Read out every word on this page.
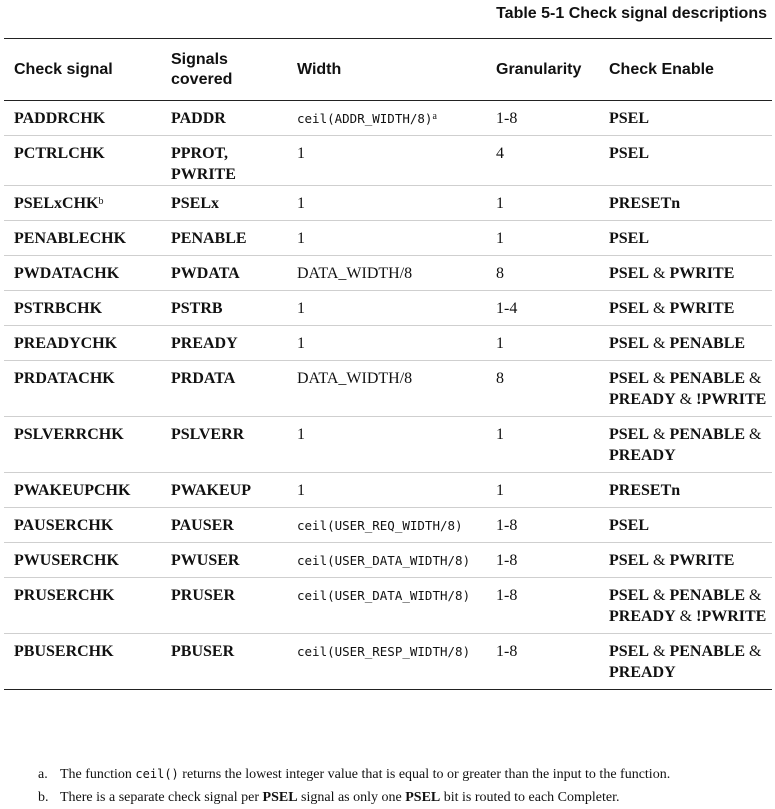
Table 5-1 Check signal descriptions
Check signal	Signals covered	Width	Granularity	Check Enable
PADDRCHK	PADDR	ceil(ADDR_WIDTH/8)$^a$	1-8	PSEL
PCTRLCHK	PPROT, PWRITE	1	4	PSEL
PSELxCHK$^b$	PSELx	1	1	PRESETn
PENABLECHK	PENABLE	1	1	PSEL
PWDATACHK	PWDATA	DATA_WIDTH/8	8	PSEL & PWRITE
PSTRBCHK	PSTRB	1	1-4	PSEL & PWRITE
PREADYCHK	PREADY	1	1	PSEL & PENABLE
PRDATACHK	PRDATA	DATA_WIDTH/8	8	PSEL & PENABLE & PREADY & !PWRITE
PSLVERRCHK	PSLVERR	1	1	PSEL & PENABLE & PREADY
PWAKEUPCHK	PWAKEUP	1	1	PRESETn
PAUSERCHK	PAUSER	ceil(USER_REQ_WIDTH/8)	1-8	PSEL
PWUSERCHK	PWUSER	ceil(USER_DATA_WIDTH/8)	1-8	PSEL & PWRITE
PRUSERCHK	PRUSER	ceil(USER_DATA_WIDTH/8)	1-8	PSEL & PENABLE & PREADY & !PWRITE
PBUSERCHK	PBUSER	ceil(USER_RESP_WIDTH/8)	1-8	PSEL & PENABLE & PREADY
a. The function ceil() returns the lowest integer value that is equal to or greater than the input to the function.
b. There is a separate check signal per PSEL signal as only one PSEL bit is routed to each Completer.
